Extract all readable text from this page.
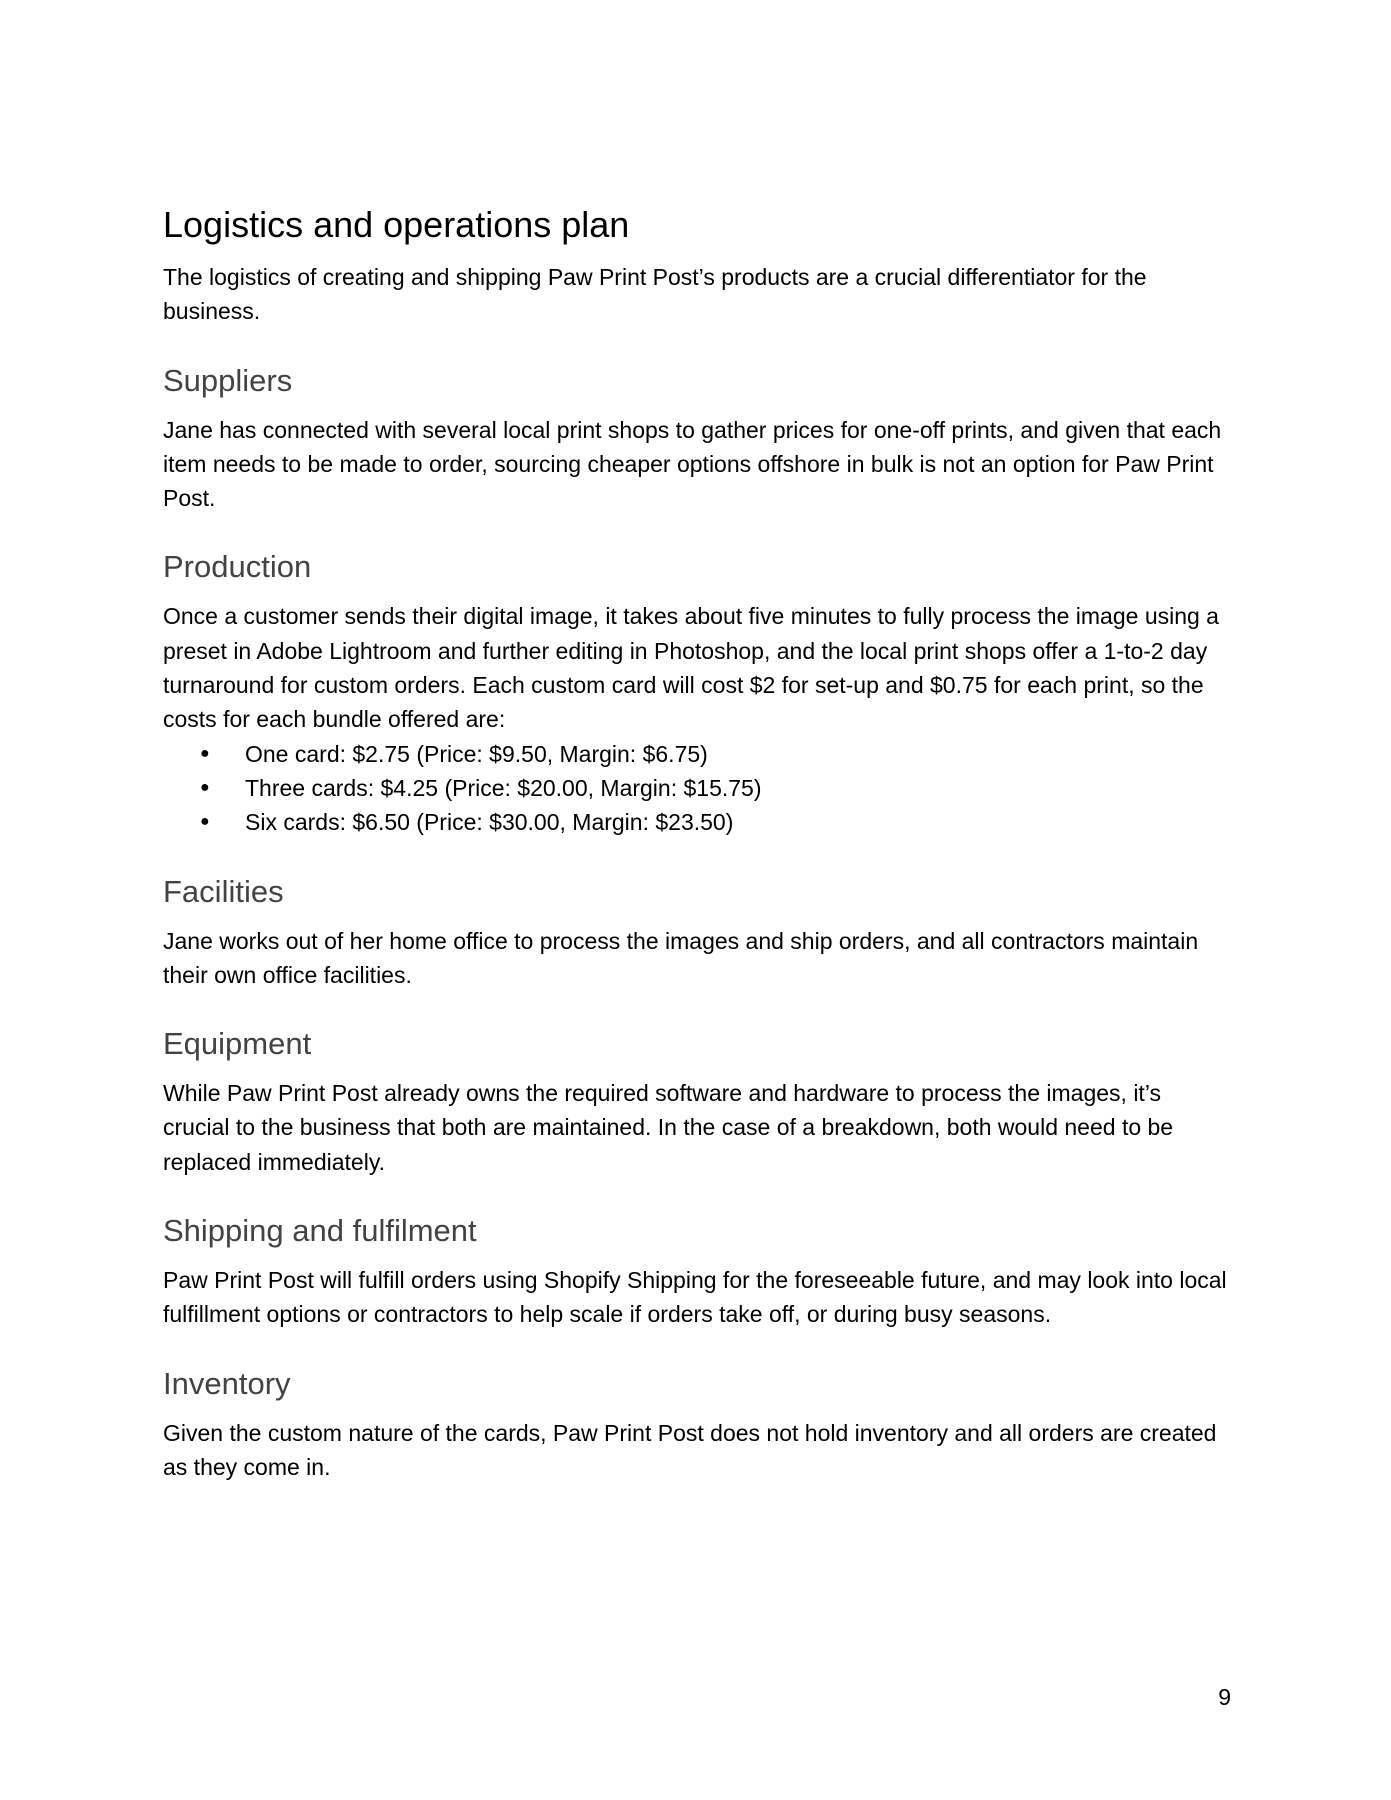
Logistics and operations plan

The logistics of creating and shipping Paw Print Post’s products are a crucial differentiator for the business.

Suppliers

Jane has connected with several local print shops to gather prices for one-off prints, and given that each item needs to be made to order, sourcing cheaper options offshore in bulk is not an option for Paw Print Post.

Production

Once a customer sends their digital image, it takes about five minutes to fully process the image using a preset in Adobe Lightroom and further editing in Photoshop, and the local print shops offer a 1-to-2 day turnaround for custom orders. Each custom card will cost $2 for set-up and $0.75 for each print, so the costs for each bundle offered are:

● One card: $2.75 (Price: $9.50, Margin: $6.75)
● Three cards: $4.25 (Price: $20.00, Margin: $15.75)
● Six cards: $6.50 (Price: $30.00, Margin: $23.50)
Facilities

Jane works out of her home office to process the images and ship orders, and all contractors maintain their own office facilities.

Equipment

While Paw Print Post already owns the required software and hardware to process the images, it’s crucial to the business that both are maintained. In the case of a breakdown, both would need to be replaced immediately.

Shipping and fulfilment

Paw Print Post will fulfill orders using Shopify Shipping for the foreseeable future, and may look into local fulfillment options or contractors to help scale if orders take off, or during busy seasons.

Inventory

Given the custom nature of the cards, Paw Print Post does not hold inventory and all orders are created as they come in.

9
